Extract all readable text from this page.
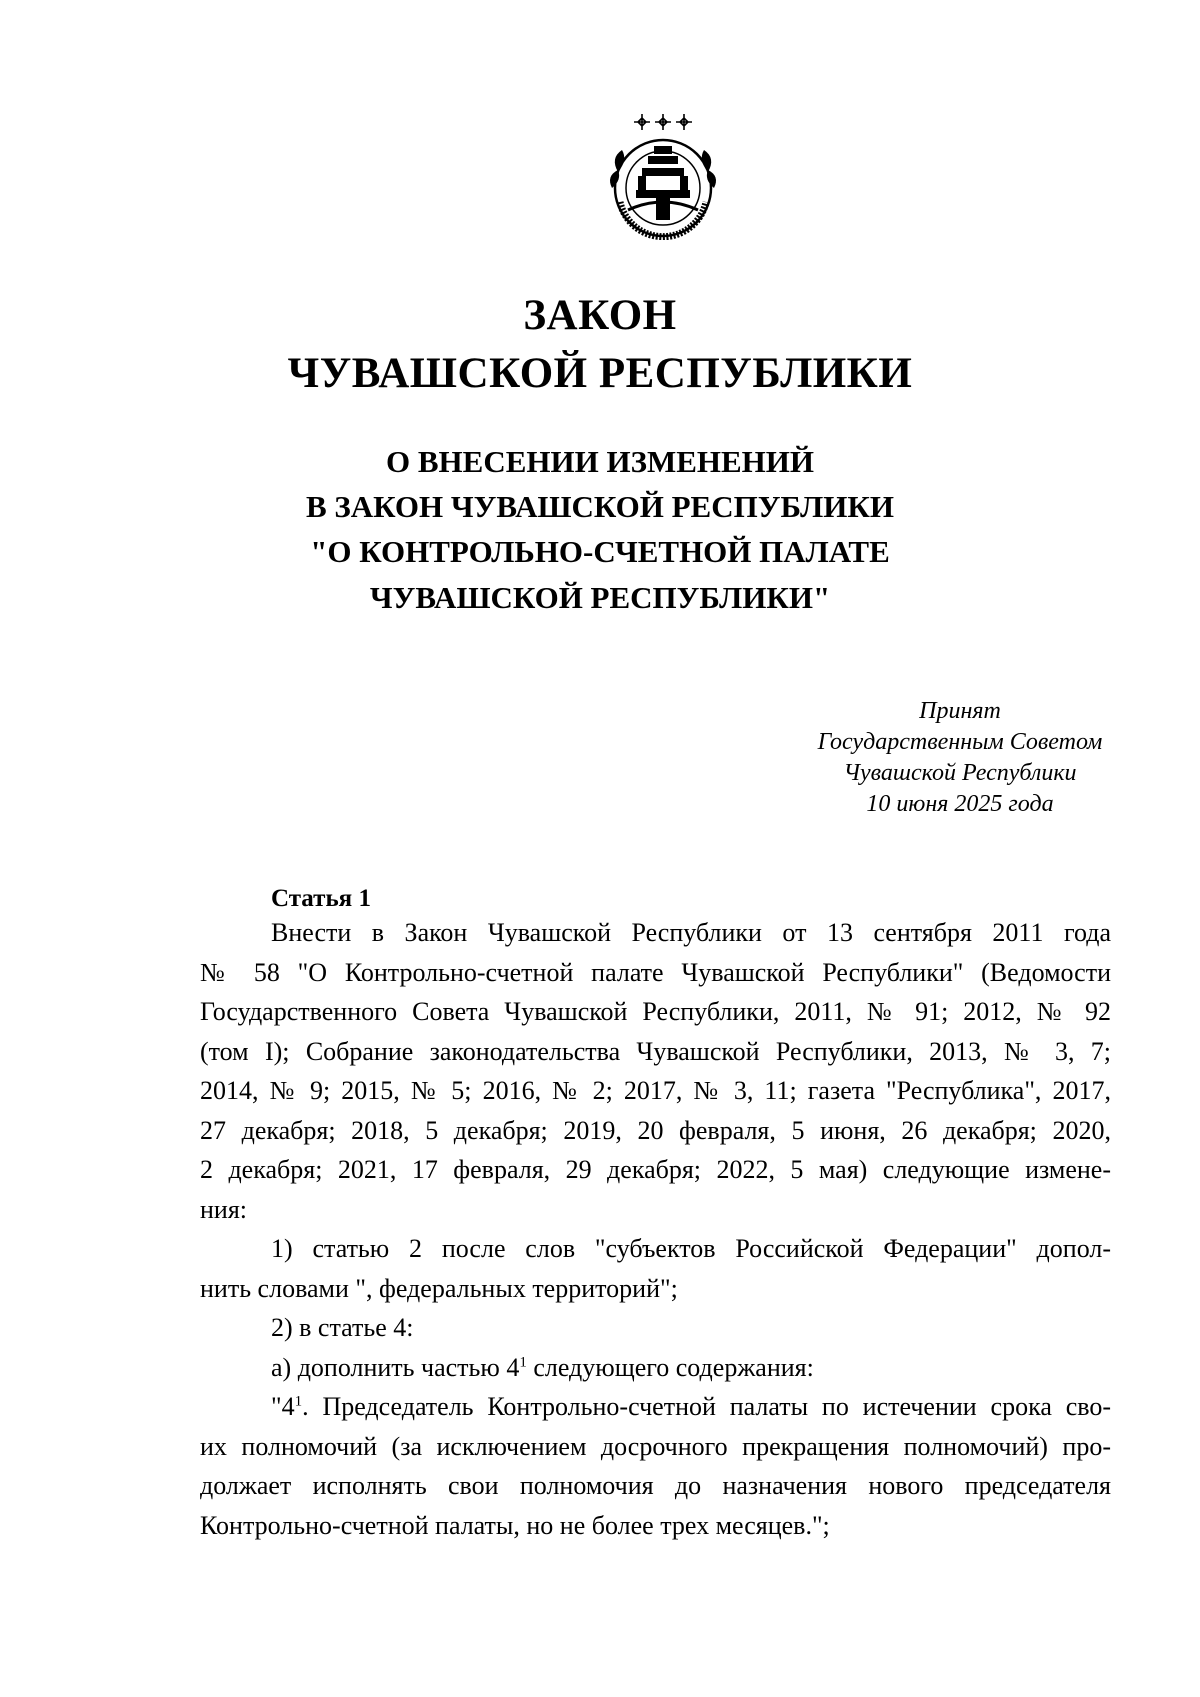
ЗАКОН
ЧУВАШСКОЙ РЕСПУБЛИКИ
О ВНЕСЕНИИ ИЗМЕНЕНИЙ
В ЗАКОН ЧУВАШСКОЙ РЕСПУБЛИКИ
"О КОНТРОЛЬНО-СЧЕТНОЙ ПАЛАТЕ
ЧУВАШСКОЙ РЕСПУБЛИКИ"
Принят
Государственным Советом
Чувашской Республики
10 июня 2025 года
Статья 1
Внести в Закон Чувашской Республики от 13 сентября 2011 года
№ 58 "О Контрольно-счетной палате Чувашской Республики" (Ведомости
Государственного Совета Чувашской Республики, 2011, № 91; 2012, № 92
(том I); Собрание законодательства Чувашской Республики, 2013, № 3, 7;
2014, № 9; 2015, № 5; 2016, № 2; 2017, № 3, 11; газета "Республика", 2017,
27 декабря; 2018, 5 декабря; 2019, 20 февраля, 5 июня, 26 декабря; 2020,
2 декабря; 2021, 17 февраля, 29 декабря; 2022, 5 мая) следующие измене-
ния:
1) статью 2 после слов "субъектов Российской Федерации" допол-
нить словами ", федеральных территорий";
2) в статье 4:
а) дополнить частью $4^1$ следующего содержания:
"$4^1$. Председатель Контрольно-счетной палаты по истечении срока сво-
их полномочий (за исключением досрочного прекращения полномочий) про-
должает исполнять свои полномочия до назначения нового председателя
Контрольно-счетной палаты, но не более трех месяцев.";
